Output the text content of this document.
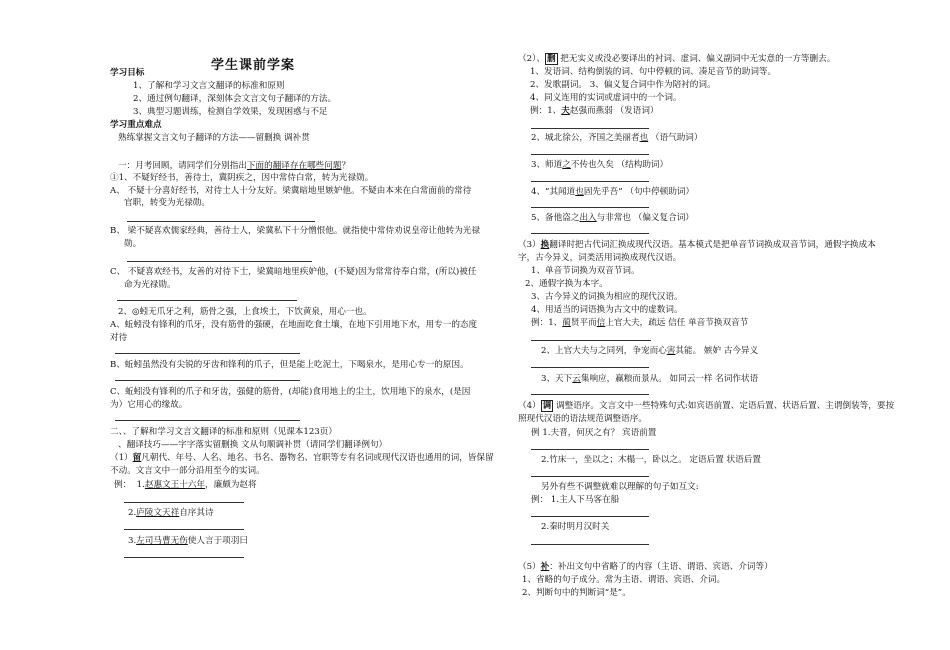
学生课前学案
学习目标
1、了解和学习文言文翻译的标准和原则
2、通过例句翻译，深刻体会文言文句子翻译的方法。
3、典型习题训练，检测自学效果，发现困惑与不足
学习重点难点
熟练掌握文言文句子翻译的方法——留删换 调补贯
一：月考回顾，请同学们分别指出下面的翻译存在哪些问题？
①1、不疑好经书，善待士，冀阴疾之，因中常侍白常，转为光禄勋。
A、 不疑十分喜好经书，对待士人十分友好。梁冀暗地里嫉妒他。不疑由本来在白常面前的常待
官职，转变为光禄勋。
B、 梁不疑喜欢儒家经典，善待士人，梁冀私下十分憎恨他。就指使中常侍劝说皇帝让他转为光禄
勋。
C、 不疑喜欢经书，友善的对待下士，梁冀暗地里疾妒他，(不疑)因为常常待奉白常，(所以)被任
命为光禄勋。
2、◎蚓无爪牙之利，筋骨之强，上食埃土，下饮黄泉，用心一也。
A、蚯蚓没有锋利的爪牙，没有筋骨的强硬，在地面吃食土壤，在地下引用地下水，用专一的态度
对待
B、蚯蚓虽然没有尖锐的牙齿和锋利的爪子，但是能上吃泥土，下喝泉水，是用心专一的原因。
C、蚯蚓没有锋利的爪子和牙齿，强健的筋骨，(却能)食用地上的尘土，饮用地下的泉水，(是因
为）它用心的缘故。
二、、了解和学习文言文翻译的标准和原则（见课本123页）
、翻译技巧——字字落实留删换 文从句顺调补贯（请同学们翻译例句）
（1）留凡朝代、年号、人名、地名、书名、器物名、官职等专有名词或现代汉语也通用的词，皆保留
不动。文言文中一部分沿用至今的实词。
例： 1.赵惠文王十六年，廉颇为赵将
2.庐陵文天祥自序其诗
3.左司马曹无伤使人言于项羽曰
（2）、 删 把无实义或没必要译出的衬词、虚词、偏义副词中无实意的一方等删去。
1、发语词、结构倒装的词、句中停顿的词、凑足音节的助词等。
2、发歌副词。 3、偏义复合词中作为陪衬的词。
4、同义连用的实词或虚词中的一个词。
例：1、夫赵强而燕弱 （发语词）
2、城北徐公，齐国之美丽者也 （语气助词）
3、师道之不传也久矣 （结构助词）
4、“其闻道也固先乎吾” （句中停顿助词）
5、备他盗之出入与非常也 （偏义复合词）
（3）换翻译时把古代词汇换成现代汉语。基本模式是把单音节词换成双音节词，通假字换成本
字，古今异义，词类活用词换成现代汉语。
1、单音节词换为双音节词。
2、通假字换为本字。
3、古今异义的词换为相应的现代汉语。
4、用适当的词语换为古文中的虚数词。
例：1、蔺贤平而信上官大夫，疏远 信任 单音节换双音节
2、上官大夫与之同列，争宠而心害其能。 嫉妒 古今异义
3、天下云集响应，赢粮而景从。 如同云一样 名词作状语
（4） 调 调整语序。文言文中一些特殊句式:如宾语前置、定语后置、状语后置、主谓倒装等，要按
照现代汉语的语法规范调整语序。
例 1.夫晋，何厌之有？ 宾语前置
2.竹床一，坐以之；木榻一，卧以之。 定语后置 状语后置
另外有些不调整就难以理解的句子如互文:
例： 1.主人下马客在船
2.秦时明月汉时关
（5）补：补出文句中省略了的内容（主语、谓语、宾语、介词等）
1、省略的句子成分。常为主语、谓语、宾语、介词。
2、判断句中的判断词“是”。
